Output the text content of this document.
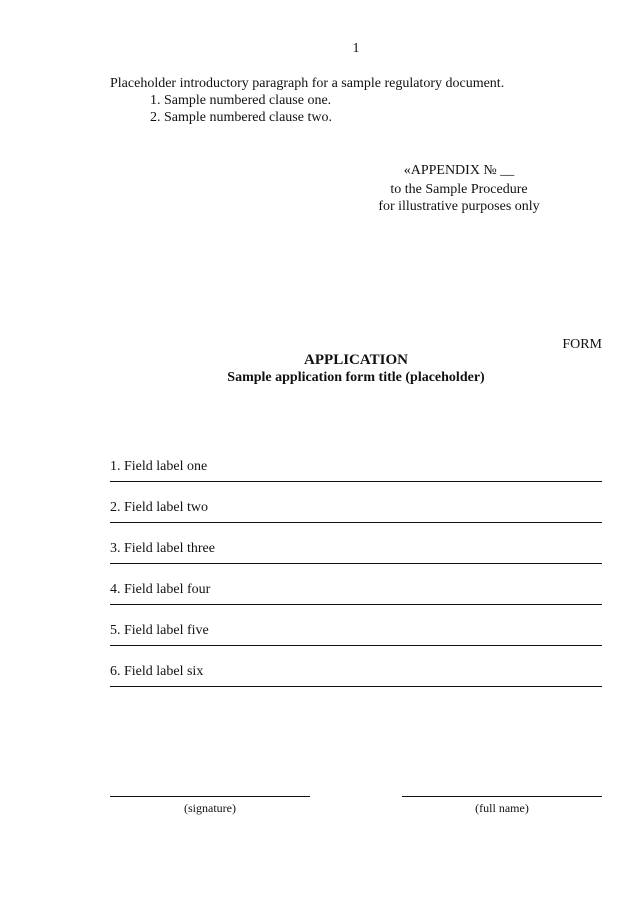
1

Placeholder introductory paragraph for a sample regulatory document.

1. Sample numbered clause one.

2. Sample numbered clause two.

«APPENDIX № __
to the Sample Procedure
for illustrative purposes only
FORM
APPLICATION
Sample application form title (placeholder)
1. Field label one
2. Field label two
3. Field label three
4. Field label four
5. Field label five
6. Field label six
(signature)	(full name)
